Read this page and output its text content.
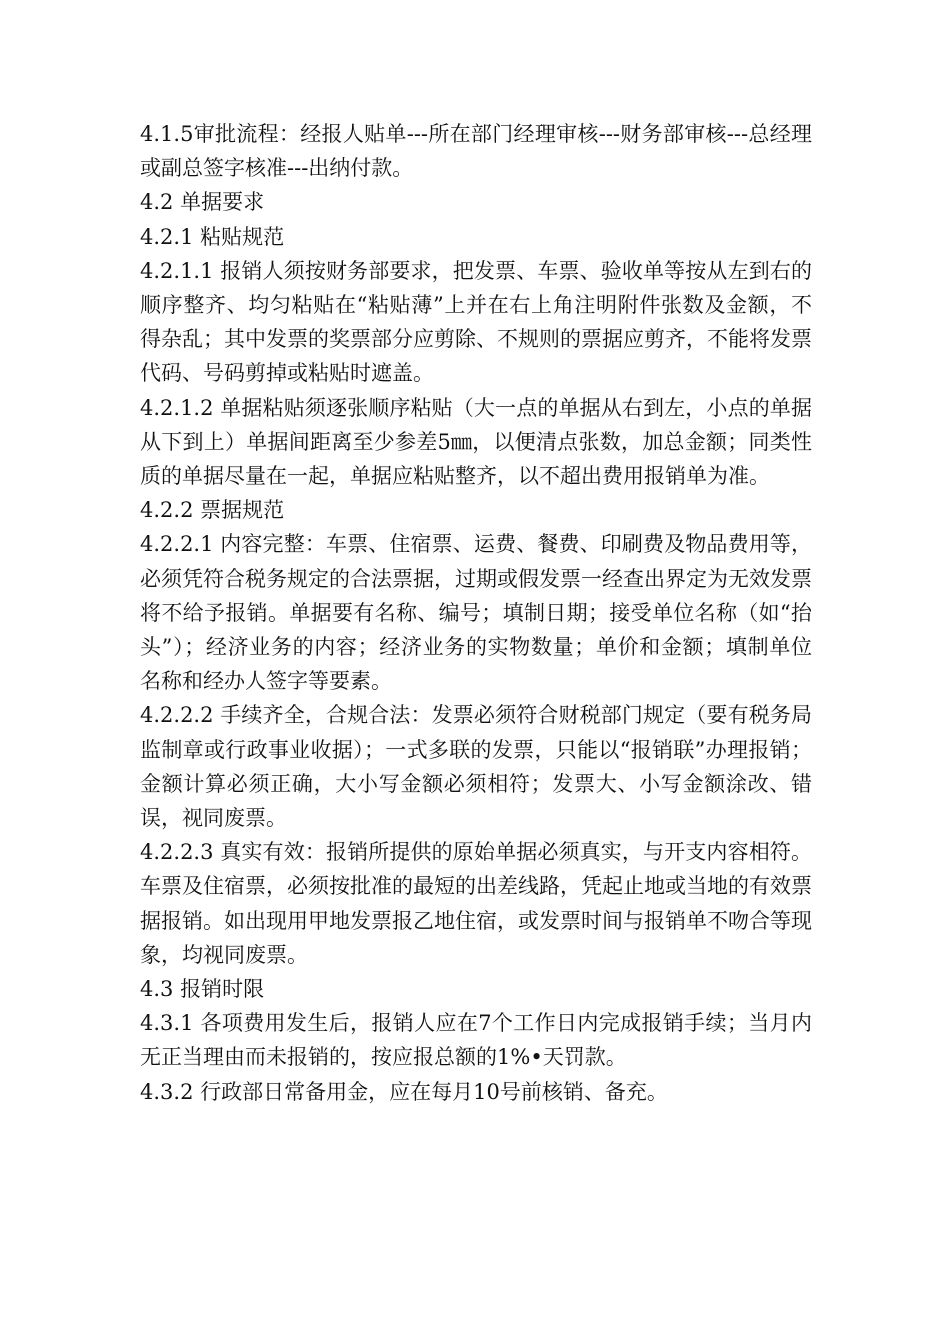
4.1.5审批流程：经报人贴单---所在部门经理审核---财务部审核---总经理或副总签字核准---出纳付款。

4.2 单据要求

4.2.1 粘贴规范

4.2.1.1 报销人须按财务部要求，把发票、车票、验收单等按从左到右的顺序整齐、均匀粘贴在“粘贴薄”上并在右上角注明附件张数及金额，不得杂乱；其中发票的奖票部分应剪除、不规则的票据应剪齐，不能将发票代码、号码剪掉或粘贴时遮盖。

4.2.1.2 单据粘贴须逐张顺序粘贴（大一点的单据从右到左，小点的单据从下到上）单据间距离至少参差5㎜，以便清点张数，加总金额；同类性质的单据尽量在一起，单据应粘贴整齐，以不超出费用报销单为准。

4.2.2 票据规范

4.2.2.1 内容完整：车票、住宿票、运费、餐费、印刷费及物品费用等，必须凭符合税务规定的合法票据，过期或假发票一经查出界定为无效发票将不给予报销。单据要有名称、编号；填制日期；接受单位名称（如“抬头”）；经济业务的内容；经济业务的实物数量；单价和金额；填制单位名称和经办人签字等要素。

4.2.2.2 手续齐全，合规合法：发票必须符合财税部门规定（要有税务局监制章或行政事业收据）；一式多联的发票，只能以“报销联”办理报销；金额计算必须正确，大小写金额必须相符；发票大、小写金额涂改、错误，视同废票。

4.2.2.3 真实有效：报销所提供的原始单据必须真实，与开支内容相符。车票及住宿票，必须按批准的最短的出差线路，凭起止地或当地的有效票据报销。如出现用甲地发票报乙地住宿，或发票时间与报销单不吻合等现象，均视同废票。

4.3 报销时限

4.3.1 各项费用发生后，报销人应在7个工作日内完成报销手续；当月内无正当理由而未报销的，按应报总额的1%•天罚款。

4.3.2 行政部日常备用金，应在每月10号前核销、备充。
